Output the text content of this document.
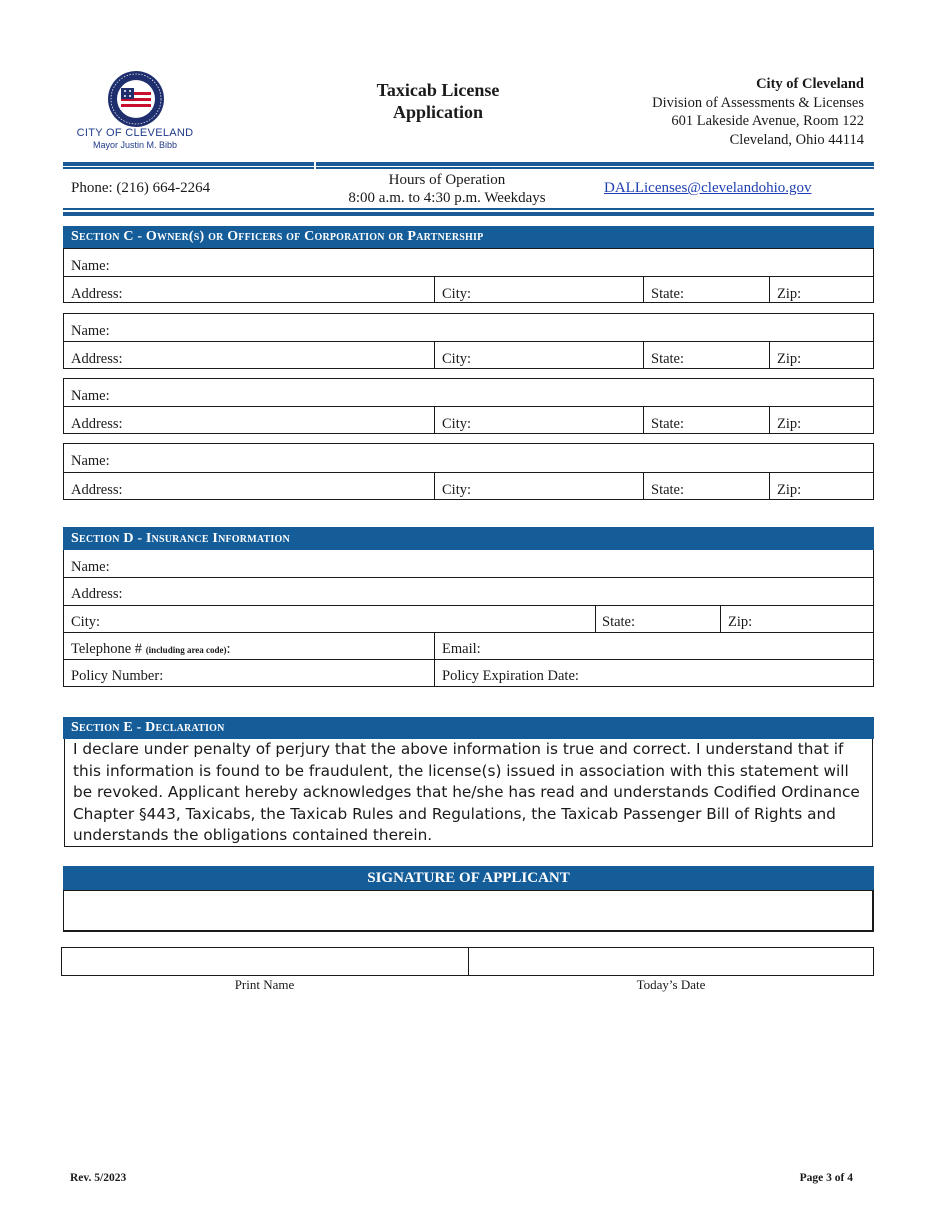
CITY OF CLEVELAND
Mayor Justin M. Bibb
Taxicab License
Application
City of Cleveland
Division of Assessments & Licenses
601 Lakeside Avenue, Room 122
Cleveland, Ohio 44114
Phone: (216) 664-2264	Hours of Operation
8:00 a.m. to 4:30 p.m. Weekdays
DALLicenses@clevelandohio.gov
Section C - Owner(s) or Officers of Corporation or Partnership
Name:
Address:	City:	State:	Zip:
Name:
Address:	City:	State:	Zip:
Name:
Address:	City:	State:	Zip:
Name:
Address:	City:	State:	Zip:
Section D - Insurance Information
Name:
Address:
City:	State:	Zip:
Telephone # (including area code):	Email:
Policy Number:	Policy Expiration Date:
Section E - Declaration
I declare under penalty of perjury that the above information is true and correct. I understand that if this information is found to be fraudulent, the license(s) issued in association with this statement will be revoked. Applicant hereby acknowledges that he/she has read and understands Codified Ordinance Chapter §443, Taxicabs, the Taxicab Rules and Regulations, the Taxicab Passenger Bill of Rights and understands the obligations contained therein.
SIGNATURE OF APPLICANT
Print Name	Today’s Date
Rev. 5/2023	Page 3 of 4
